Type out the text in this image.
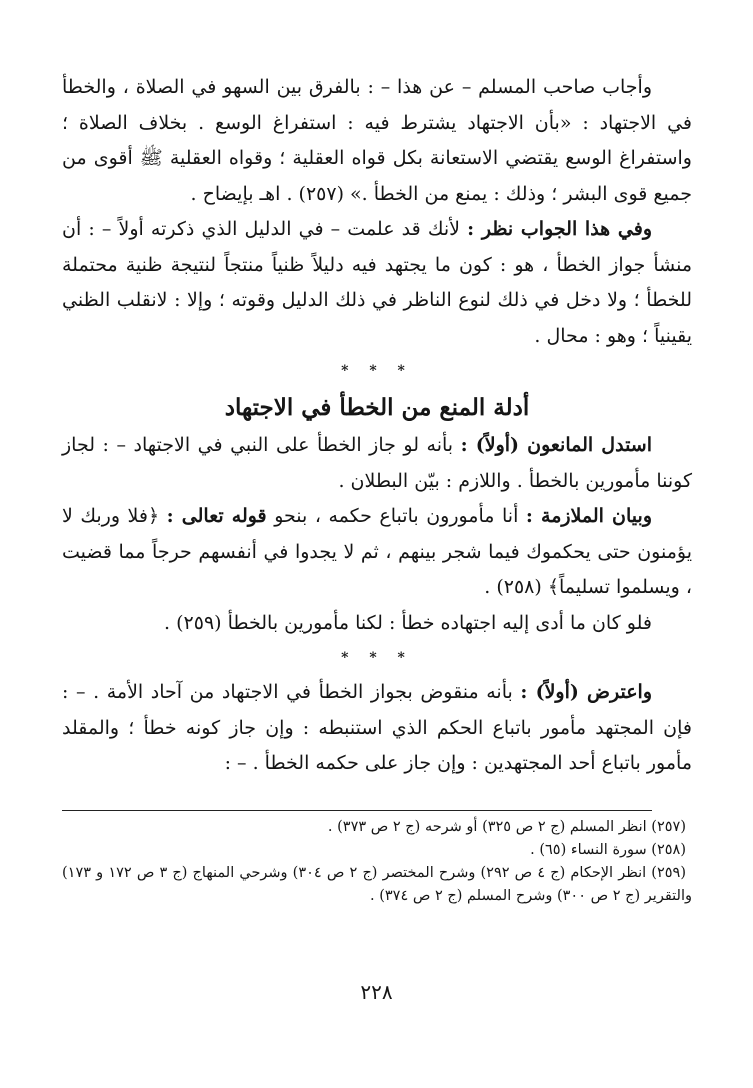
وأجاب صاحب المسلم – عن هذا – : بالفرق بين السهو في الصلاة ، والخطأ في الاجتهاد : «بأن الاجتهاد يشترط فيه : استفراغ الوسع . بخلاف الصلاة ؛ واستفراغ الوسع يقتضي الاستعانة بكل قواه العقلية ؛ وقواه العقلية ﷺ أقوى من جميع قوى البشر ؛ وذلك : يمنع من الخطأ .» (٢٥٧) . اهـ بإيضاح .

وفي هذا الجواب نظر : لأنك قد علمت – في الدليل الذي ذكرته أولاً – : أن منشأ جواز الخطأ ، هو : كون ما يجتهد فيه دليلاً ظنياً منتجاً لنتيجة ظنية محتملة للخطأ ؛ ولا دخل في ذلك لنوع الناظر في ذلك الدليل وقوته ؛ وإلا : لانقلب الظني يقينياً ؛ وهو : محال .

* * *
أدلة المنع من الخطأ في الاجتهاد

استدل المانعون (أولاً) : بأنه لو جاز الخطأ على النبي في الاجتهاد – : لجاز كوننا مأمورين بالخطأ . واللازم : بيّن البطلان .

وبيان الملازمة : أنا مأمورون باتباع حكمه ، بنحو قوله تعالى : ﴿فلا وربك لا يؤمنون حتى يحكموك فيما شجر بينهم ، ثم لا يجدوا في أنفسهم حرجاً مما قضيت ، ويسلموا تسليماً﴾ (٢٥٨) .

فلو كان ما أدى إليه اجتهاده خطأ : لكنا مأمورين بالخطأ (٢٥٩) .

* * *

واعترض (أولاً) : بأنه منقوض بجواز الخطأ في الاجتهاد من آحاد الأمة . – : فإن المجتهد مأمور باتباع الحكم الذي استنبطه : وإن جاز كونه خطأ ؛ والمقلد مأمور باتباع أحد المجتهدين : وإن جاز على حكمه الخطأ . – :

(٢٥٧) انظر المسلم (ج ٢ ص ٣٢٥) أو شرحه (ج ٢ ص ٣٧٣) .

(٢٥٨) سورة النساء (٦٥) .

(٢٥٩) انظر الإحكام (ج ٤ ص ٢٩٢) وشرح المختصر (ج ٢ ص ٣٠٤) وشرحي المنهاج (ج ٣ ص ١٧٢ و ١٧٣) والتقرير (ج ٢ ص ٣٠٠) وشرح المسلم (ج ٢ ص ٣٧٤) .

٢٢٨
